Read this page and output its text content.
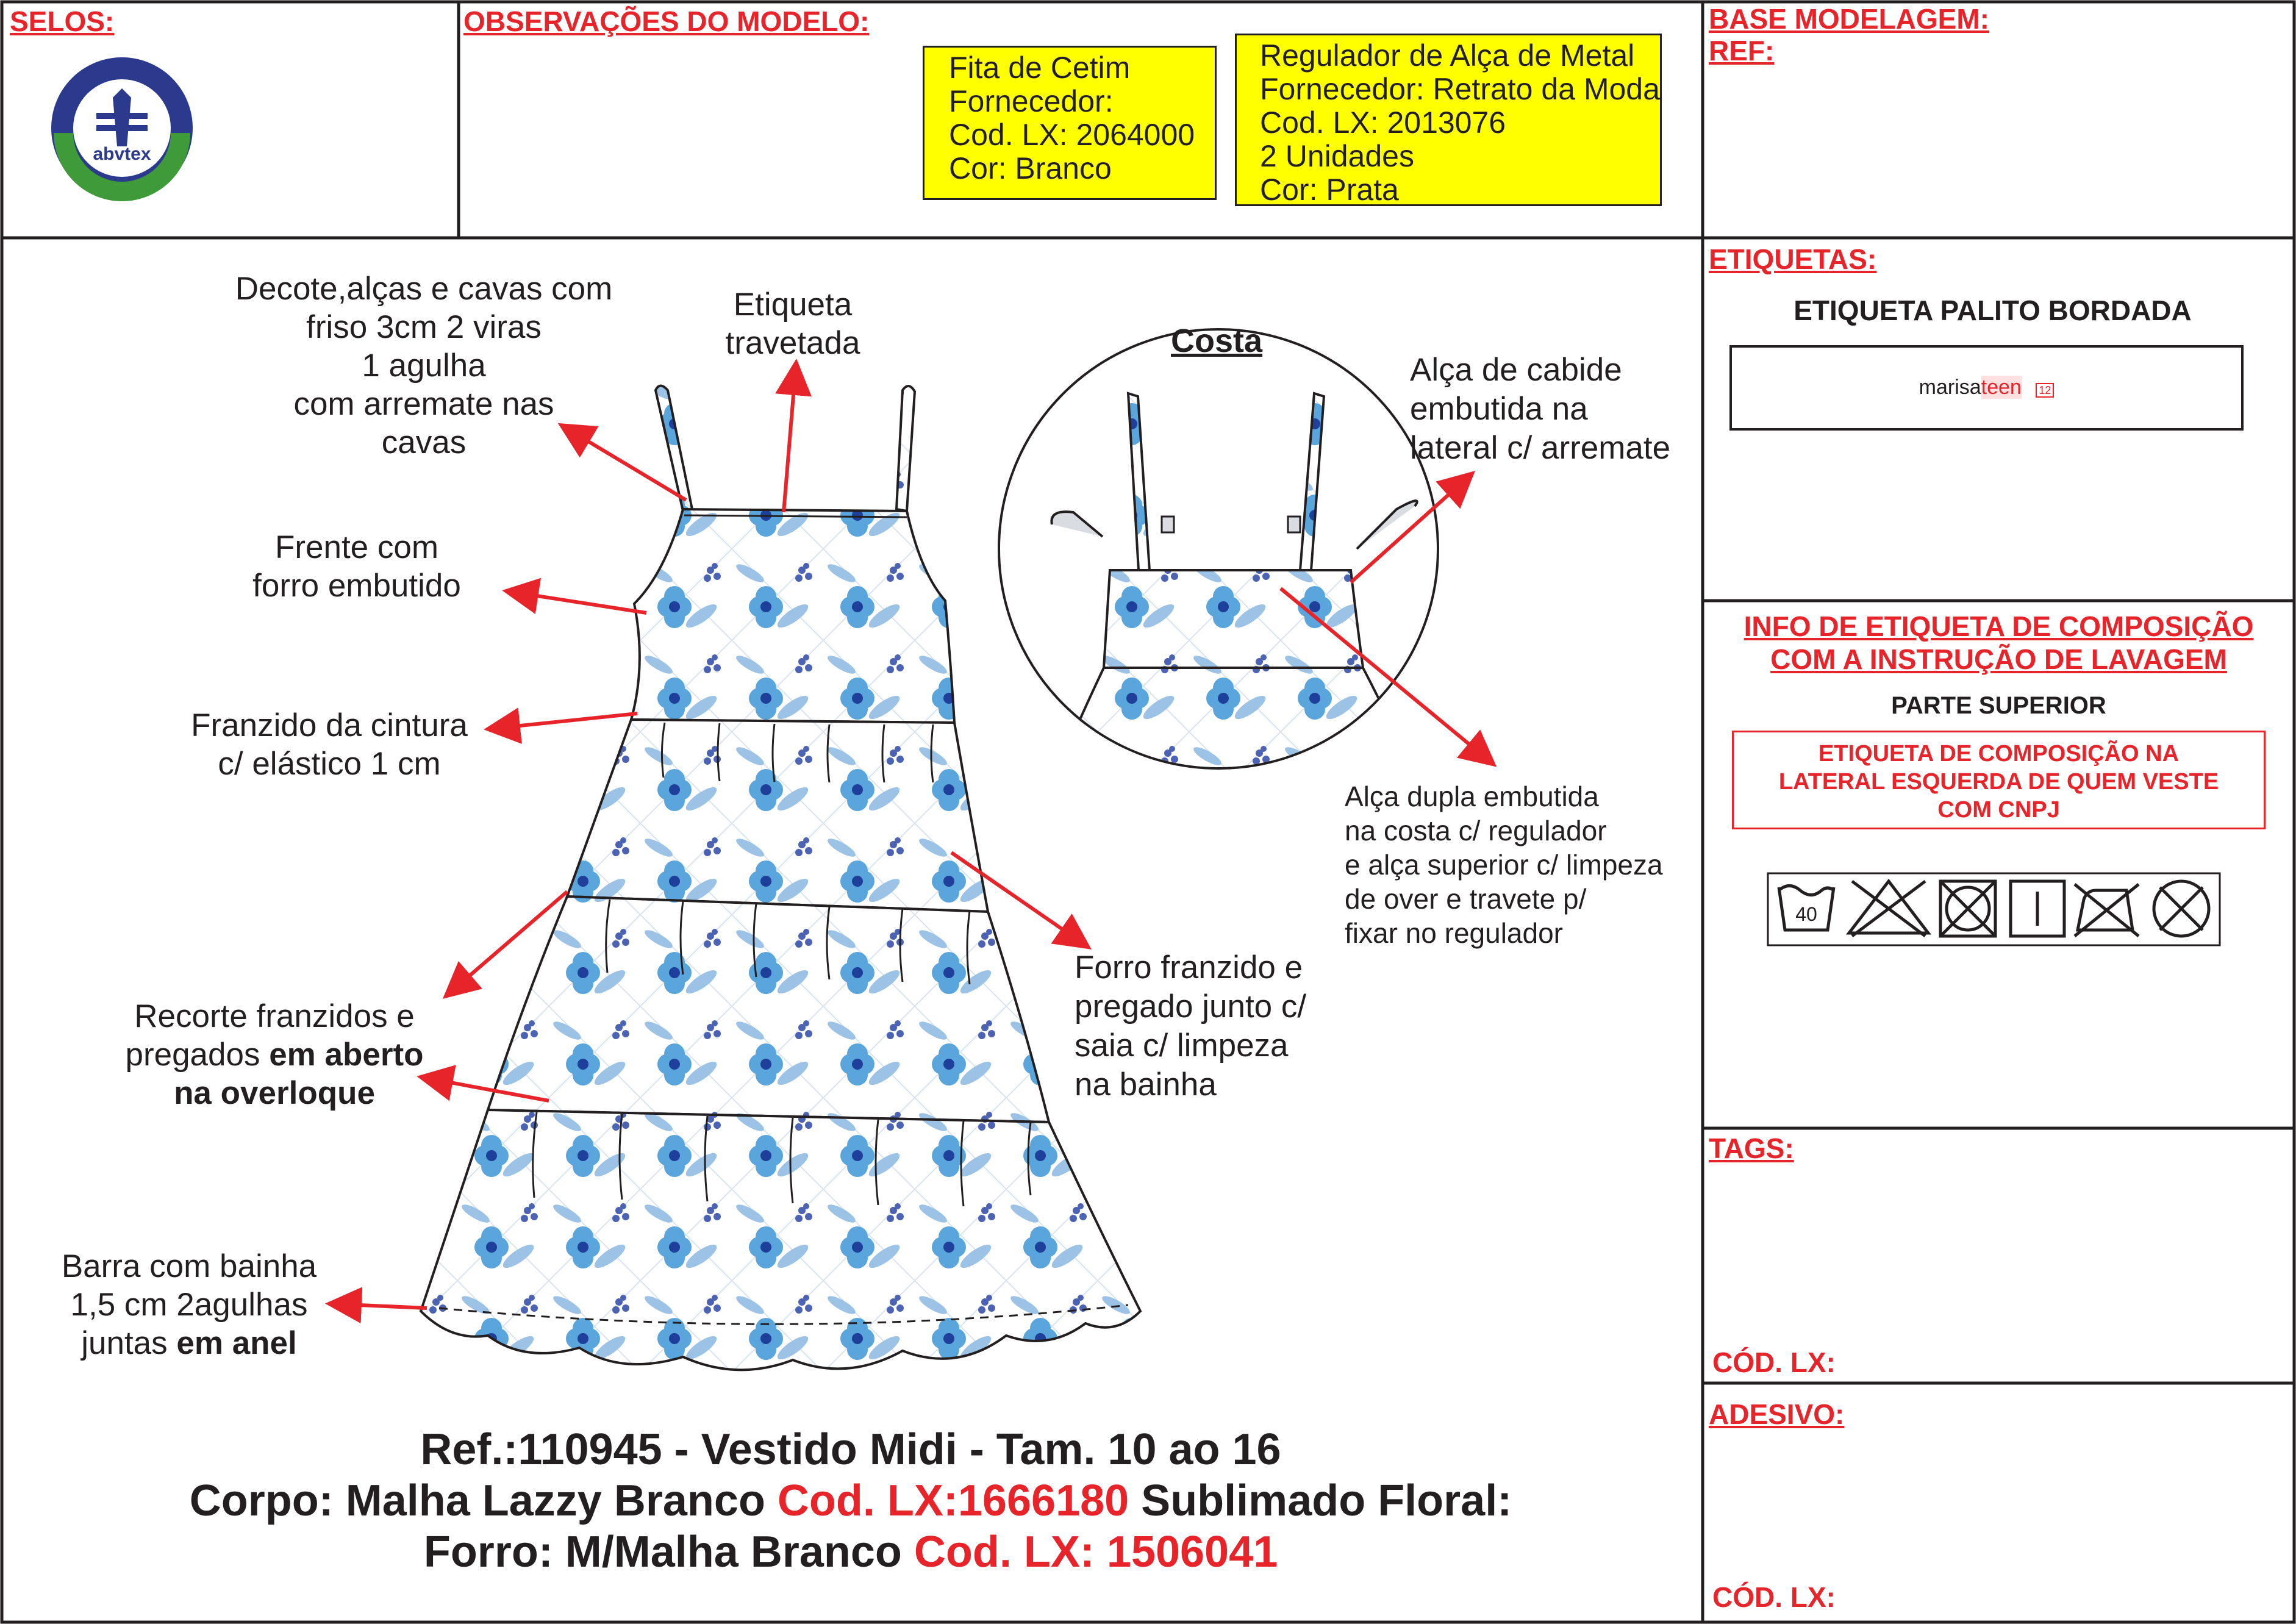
SELOS:
abvtex
OBSERVAÇÕES DO MODELO:
Fita de Cetim
Fornecedor:
Cod. LX: 2064000
Cor: Branco
Regulador de Alça de Metal
Fornecedor: Retrato da Moda
Cod. LX: 2013076
2 Unidades
Cor: Prata
BASE MODELAGEM:
REF:
ETIQUETAS:
ETIQUETA PALITO BORDADA
marisateen 12
INFO DE ETIQUETA DE COMPOSIÇÃO
COM A INSTRUÇÃO DE LAVAGEM
PARTE SUPERIOR
ETIQUETA DE COMPOSIÇÃO NA
LATERAL ESQUERDA DE QUEM VESTE
COM CNPJ
40
TAGS:
CÓD. LX:
ADESIVO:
CÓD. LX:
Decote,alças e cavas com
friso 3cm 2 viras
1 agulha
com arremate nas
cavas
Etiqueta
travetada
Frente com
forro embutido
Franzido da cintura
c/ elástico 1 cm
Recorte franzidos e
pregados em aberto
na overloque
Barra com bainha
1,5 cm 2agulhas
juntas em anel
Costa
Alça de cabide
embutida na
lateral c/ arremate
Alça dupla embutida
na costa c/ regulador
e alça superior c/ limpeza
de over e travete p/
fixar no regulador
Forro franzido e
pregado junto c/
saia c/ limpeza
na bainha
Ref.:110945 - Vestido Midi - Tam. 10 ao 16
Corpo: Malha Lazzy Branco Cod. LX:1666180 Sublimado Floral:
Forro: M/Malha Branco Cod. LX: 1506041
